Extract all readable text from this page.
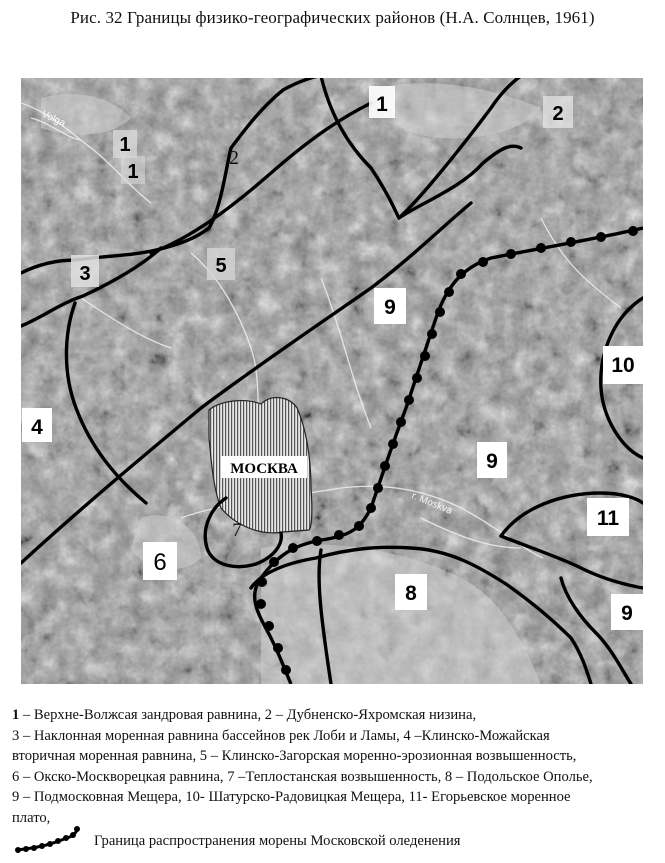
Рис. 32 Границы физико-географических районов (Н.А. Солнцев, 1961)
МОСКВА
Volga
r. Moskva
1
1
1
2
2
3
4
5
6
7
8
9
9
9
10
11

1 – Верхне-Волжсая зандровая равнина, 2 – Дубненско-Яхромская низина,

3 – Наклонная моренная равнина бассейнов рек Лоби и Ламы, 4 –Клинско-Можайская

вторичная моренная равнина, 5 – Клинско-Загорская моренно-эрозионная возвышенность,

6 – Окско-Москворецкая равнина, 7 –Теплостанская возвышенность, 8 – Подольское Ополье,

9 – Подмосковная Мещера, 10- Шатурско-Радовицкая Мещера, 11- Егорьевское моренное

плато,

Граница распространения морены Московской оледенения
